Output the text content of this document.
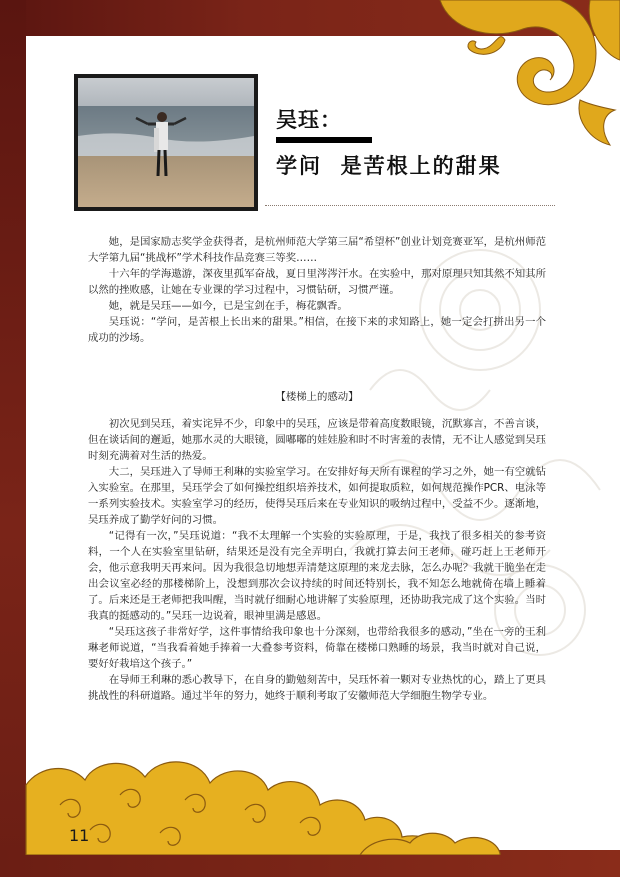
吴珏：
学问  是苦根上的甜果

她，是国家励志奖学金获得者，是杭州师范大学第三届“希望杯”创业计划竞赛亚军，是杭州师范大学第九届“挑战杯”学术科技作品竞赛三等奖……

十六年的学海遨游，深夜里孤军奋战，夏日里涔涔汗水。在实验中，那对原理只知其然不知其所以然的挫败感，让她在专业课的学习过程中，习惯钻研，习惯严谨。

她，就是吴珏——如今，已是宝剑在手，梅花飘香。

吴珏说：“学问，是苦根上长出来的甜果。”相信，在接下来的求知路上，她一定会打拼出另一个成功的沙场。

【楼梯上的感动】

初次见到吴珏，着实诧异不少，印象中的吴珏，应该是带着高度数眼镜，沉默寡言，不善言谈，但在谈话间的邂逅，她那水灵的大眼镜，圆嘟嘟的娃娃脸和时不时害羞的表情，无不让人感觉到吴珏时刻充满着对生活的热爱。

大二，吴珏进入了导师王利琳的实验室学习。在安排好每天所有课程的学习之外，她一有空就钻入实验室。在那里，吴珏学会了如何操控组织培养技术，如何提取质粒，如何规范操作PCR、电泳等一系列实验技术。实验室学习的经历，使得吴珏后来在专业知识的吸纳过程中，受益不少。逐渐地，吴珏养成了勤学好问的习惯。

“记得有一次，”吴珏说道：“我不太理解一个实验的实验原理，于是，我找了很多相关的参考资料，一个人在实验室里钻研，结果还是没有完全弄明白，我就打算去问王老师，碰巧赶上王老师开会，他示意我明天再来问。因为我很急切地想弄清楚这原理的来龙去脉，怎么办呢？我就干脆坐在走出会议室必经的那楼梯阶上，没想到那次会议持续的时间还特别长，我不知怎么地就倚在墙上睡着了。后来还是王老师把我叫醒，当时就仔细耐心地讲解了实验原理，还协助我完成了这个实验。当时我真的挺感动的。”吴珏一边说着，眼神里满是感恩。

“吴珏这孩子非常好学，这件事情给我印象也十分深刻，也带给我很多的感动，”坐在一旁的王利琳老师说道，“当我看着她手捧着一大叠参考资料，倚靠在楼梯口熟睡的场景，我当时就对自己说，要好好栽培这个孩子。”

在导师王利琳的悉心教导下，在自身的勤勉刻苦中，吴珏怀着一颗对专业热忱的心，踏上了更具挑战性的科研道路。通过半年的努力，她终于顺利考取了安徽师范大学细胞生物学专业。

11
